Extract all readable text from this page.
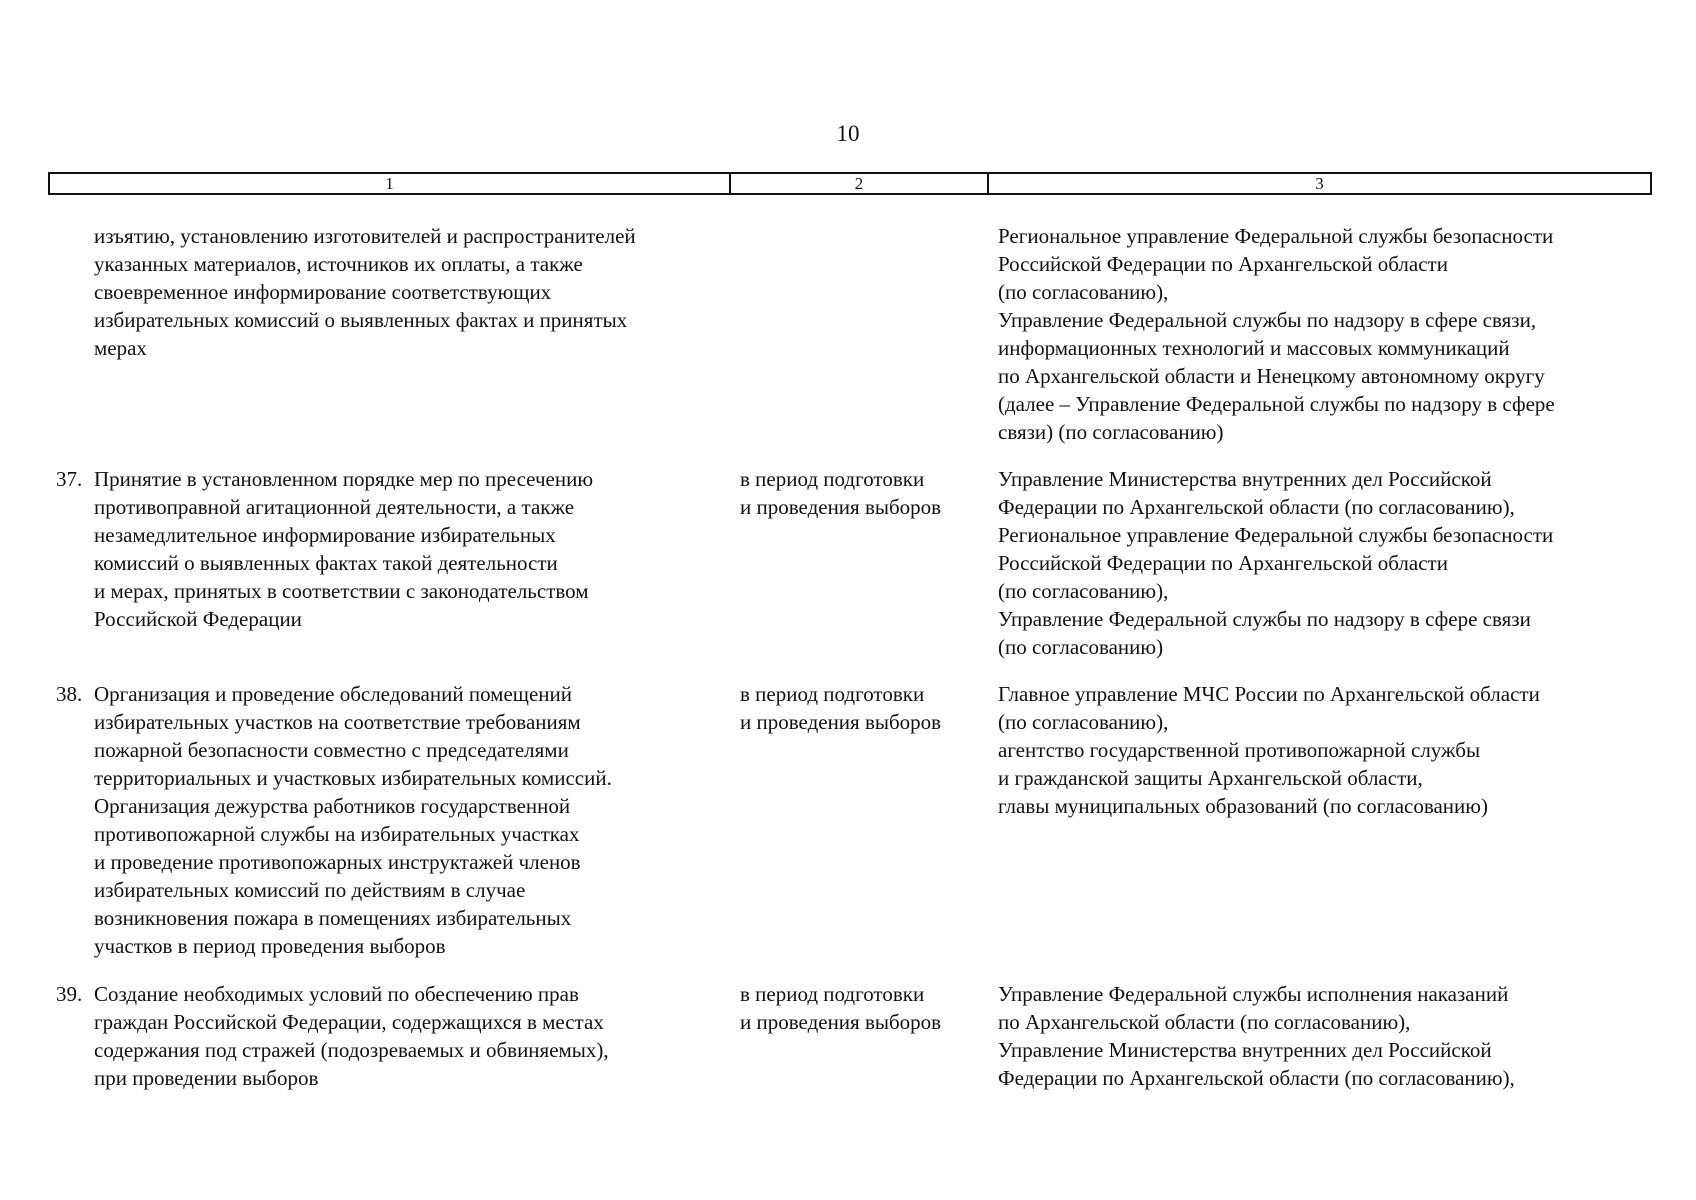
10
1	2	3
изъятию, установлению изготовителей и распространителей
указанных материалов, источников их оплаты, а также
своевременное информирование соответствующих
избирательных комиссий о выявленных фактах и принятых
мерах
Региональное управление Федеральной службы безопасности
Российской Федерации по Архангельской области
(по согласованию),
Управление Федеральной службы по надзору в сфере связи,
информационных технологий и массовых коммуникаций
по Архангельской области и Ненецкому автономному округу
(далее – Управление Федеральной службы по надзору в сфере
связи) (по согласованию)
37. Принятие в установленном порядке мер по пресечению
противоправной агитационной деятельности, а также
незамедлительное информирование избирательных
комиссий о выявленных фактах такой деятельности
и мерах, принятых в соответствии с законодательством
Российской Федерации
в период подготовки
и проведения выборов
Управление Министерства внутренних дел Российской
Федерации по Архангельской области (по согласованию),
Региональное управление Федеральной службы безопасности
Российской Федерации по Архангельской области
(по согласованию),
Управление Федеральной службы по надзору в сфере связи
(по согласованию)
38. Организация и проведение обследований помещений
избирательных участков на соответствие требованиям
пожарной безопасности совместно с председателями
территориальных и участковых избирательных комиссий.
Организация дежурства работников государственной
противопожарной службы на избирательных участках
и проведение противопожарных инструктажей членов
избирательных комиссий по действиям в случае
возникновения пожара в помещениях избирательных
участков в период проведения выборов
в период подготовки
и проведения выборов
Главное управление МЧС России по Архангельской области
(по согласованию),
агентство государственной противопожарной службы
и гражданской защиты Архангельской области,
главы муниципальных образований (по согласованию)
39. Создание необходимых условий по обеспечению прав
граждан Российской Федерации, содержащихся в местах
содержания под стражей (подозреваемых и обвиняемых),
при проведении выборов
в период подготовки
и проведения выборов
Управление Федеральной службы исполнения наказаний
по Архангельской области (по согласованию),
Управление Министерства внутренних дел Российской
Федерации по Архангельской области (по согласованию),
